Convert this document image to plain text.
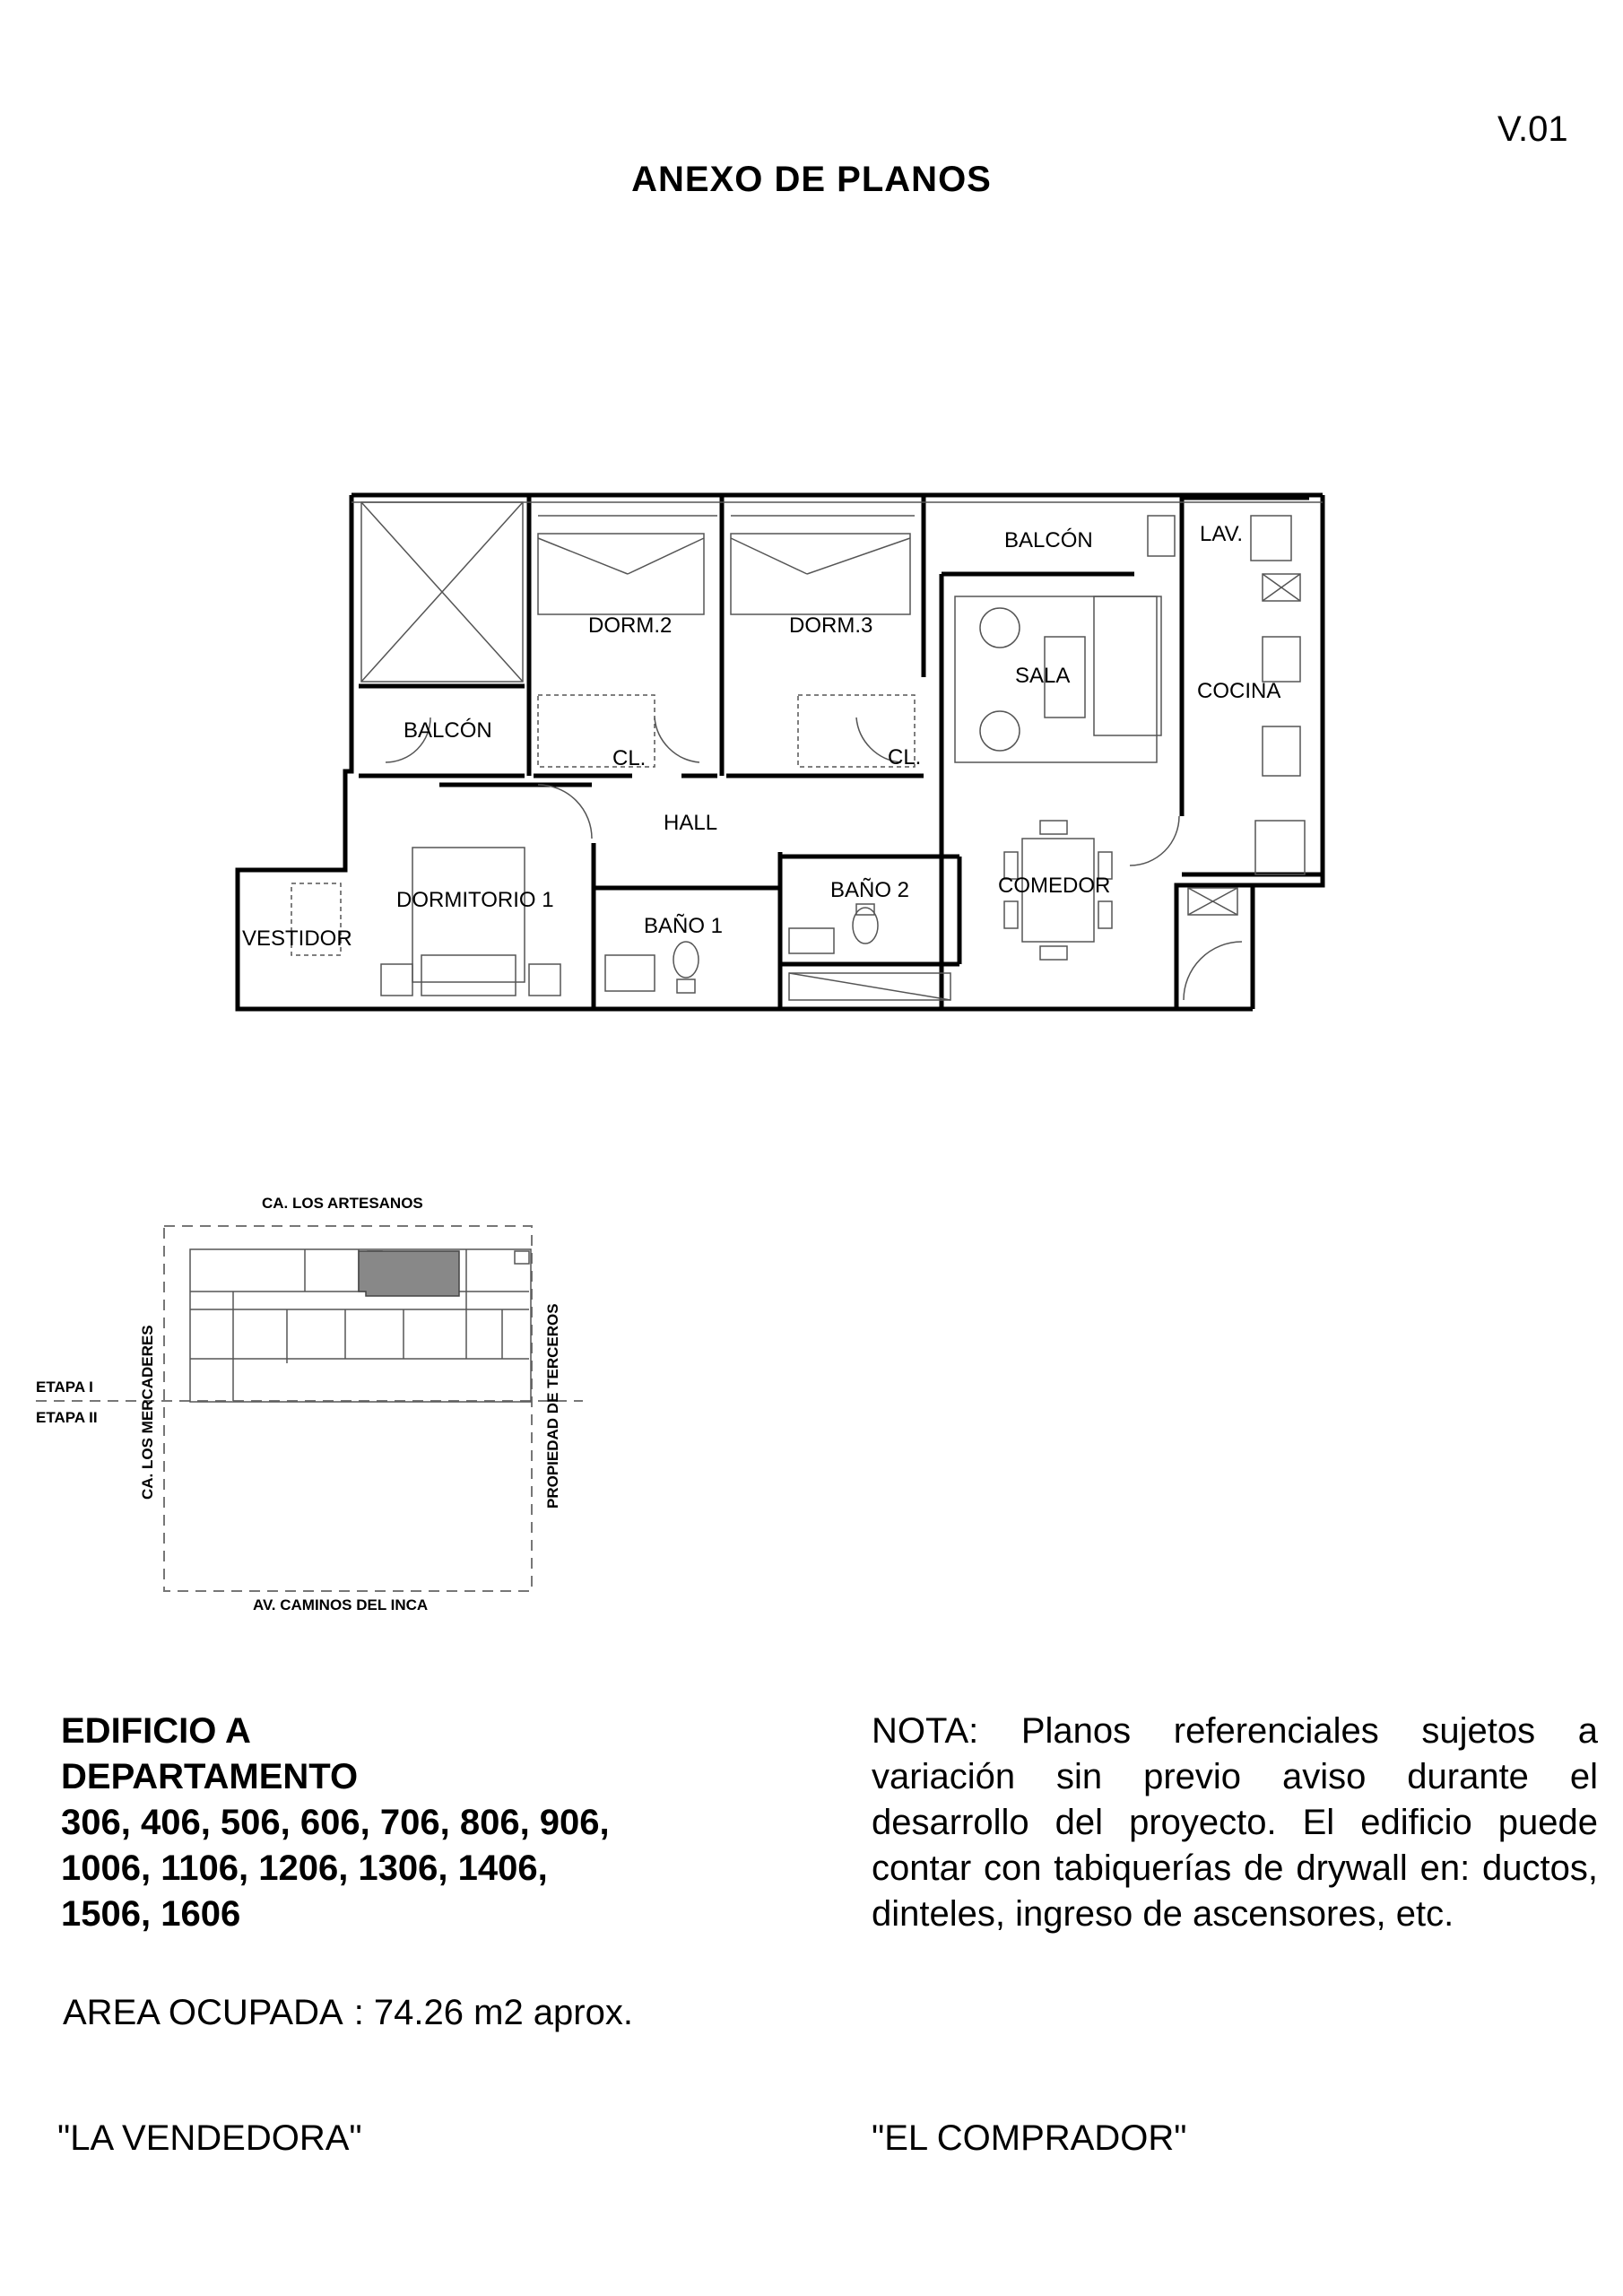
V.01
ANEXO DE PLANOS
BALCÓN	LAV.
DORM.2	DORM.3
SALA
COCINA
BALCÓN
CL.	CL.
HALL
BAÑO 2	COMEDOR
DORMITORIO 1
VESTIDOR
BAÑO 1
CA. LOS ARTESANOS
AV. CAMINOS DEL INCA
CA. LOS MERCADERES	PROPIEDAD DE TERCEROS
ETAPA I
ETAPA II
EDIFICIO A
DEPARTAMENTO
306, 406, 506, 606, 706, 806, 906,
1006, 1106, 1206, 1306, 1406,
1506, 1606
AREA OCUPADA : 74.26 m2 aprox.
NOTA: Planos referenciales sujetos a variación sin previo aviso durante el desarrollo del proyecto. El edificio puede contar con tabiquerías de drywall en: ductos, dinteles, ingreso de ascensores, etc.
"LA VENDEDORA"	"EL COMPRADOR"
